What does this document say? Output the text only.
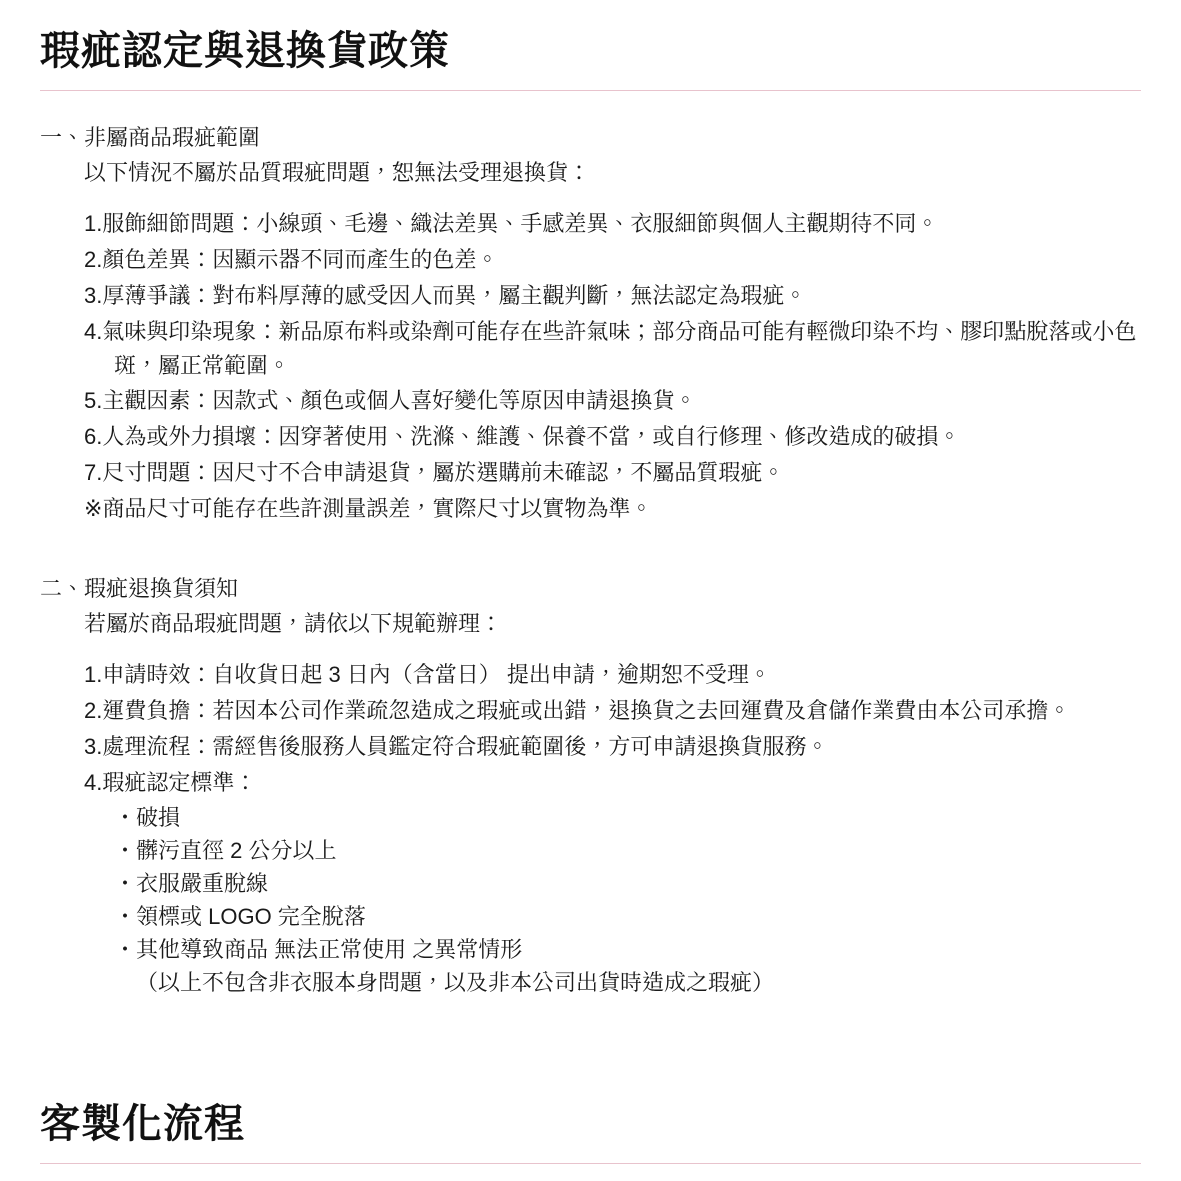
瑕疵認定與退換貨政策

一、非屬商品瑕疵範圍

以下情況不屬於品質瑕疵問題，恕無法受理退換貨：

1.服飾細節問題：小線頭、毛邊、織法差異、手感差異、衣服細節與個人主觀期待不同。
2.顏色差異：因顯示器不同而產生的色差。
3.厚薄爭議：對布料厚薄的感受因人而異，屬主觀判斷，無法認定為瑕疵。
4.氣味與印染現象：新品原布料或染劑可能存在些許氣味；部分商品可能有輕微印染不均、膠印點脫落或小色斑，屬正常範圍。
5.主觀因素：因款式、顏色或個人喜好變化等原因申請退換貨。
6.人為或外力損壞：因穿著使用、洗滌、維護、保養不當，或自行修理、修改造成的破損。
7.尺寸問題：因尺寸不合申請退貨，屬於選購前未確認，不屬品質瑕疵。

※商品尺寸可能存在些許測量誤差，實際尺寸以實物為準。

二、瑕疵退換貨須知

若屬於商品瑕疵問題，請依以下規範辦理：

1.申請時效：自收貨日起 3 日內（含當日） 提出申請，逾期恕不受理。
2.運費負擔：若因本公司作業疏忽造成之瑕疵或出錯，退換貨之去回運費及倉儲作業費由本公司承擔。
3.處理流程：需經售後服務人員鑑定符合瑕疵範圍後，方可申請退換貨服務。
4.瑕疵認定標準：
・破損
・髒污直徑 2 公分以上
・衣服嚴重脫線
・領標或 LOGO 完全脫落
・其他導致商品 無法正常使用 之異常情形
（以上不包含非衣服本身問題，以及非本公司出貨時造成之瑕疵）
客製化流程
